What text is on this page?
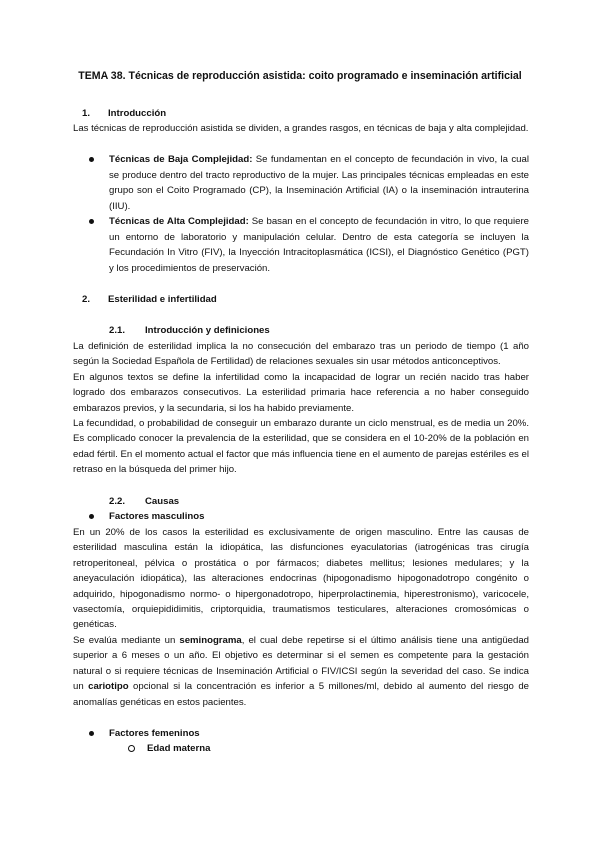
TEMA 38. Técnicas de reproducción asistida: coito programado e inseminación artificial
1. Introducción
Las técnicas de reproducción asistida se dividen, a grandes rasgos, en técnicas de baja y alta complejidad.
Técnicas de Baja Complejidad: Se fundamentan en el concepto de fecundación in vivo, la cual se produce dentro del tracto reproductivo de la mujer. Las principales técnicas empleadas en este grupo son el Coito Programado (CP), la Inseminación Artificial (IA) o la inseminación intrauterina (IIU).
Técnicas de Alta Complejidad: Se basan en el concepto de fecundación in vitro, lo que requiere un entorno de laboratorio y manipulación celular. Dentro de esta categoría se incluyen la Fecundación In Vitro (FIV), la Inyección Intracitoplasmática (ICSI), el Diagnóstico Genético (PGT) y los procedimientos de preservación.
2. Esterilidad e infertilidad
2.1. Introducción y definiciones
La definición de esterilidad implica la no consecución del embarazo tras un periodo de tiempo (1 año según la Sociedad Española de Fertilidad) de relaciones sexuales sin usar métodos anticonceptivos.
En algunos textos se define la infertilidad como la incapacidad de lograr un recién nacido tras haber logrado dos embarazos consecutivos. La esterilidad primaria hace referencia a no haber conseguido embarazos previos, y la secundaria, si los ha habido previamente.
La fecundidad, o probabilidad de conseguir un embarazo durante un ciclo menstrual, es de media un 20%. Es complicado conocer la prevalencia de la esterilidad, que se considera en el 10-20% de la población en edad fértil. En el momento actual el factor que más influencia tiene en el aumento de parejas estériles es el retraso en la búsqueda del primer hijo.
2.2. Causas
Factores masculinos
En un 20% de los casos la esterilidad es exclusivamente de origen masculino. Entre las causas de esterilidad masculina están la idiopática, las disfunciones eyaculatorias (iatrogénicas tras cirugía retroperitoneal, pélvica o prostática o por fármacos; diabetes mellitus; lesiones medulares; y la aneyaculación idiopática), las alteraciones endocrinas (hipogonadismo hipogonadotropo congénito o adquirido, hipogonadismo normo- o hipergonadotropo, hiperprolactinemia, hiperestronismo), varicocele, vasectomía, orquiepididimitis, criptorquidia, traumatismos testiculares, alteraciones cromosómicas o genéticas.
Se evalúa mediante un seminograma, el cual debe repetirse si el último análisis tiene una antigüedad superior a 6 meses o un año. El objetivo es determinar si el semen es competente para la gestación natural o si requiere técnicas de Inseminación Artificial o FIV/ICSI según la severidad del caso. Se indica un cariotipo opcional si la concentración es inferior a 5 millones/ml, debido al aumento del riesgo de anomalías genéticas en estos pacientes.
Factores femeninos
Edad materna
